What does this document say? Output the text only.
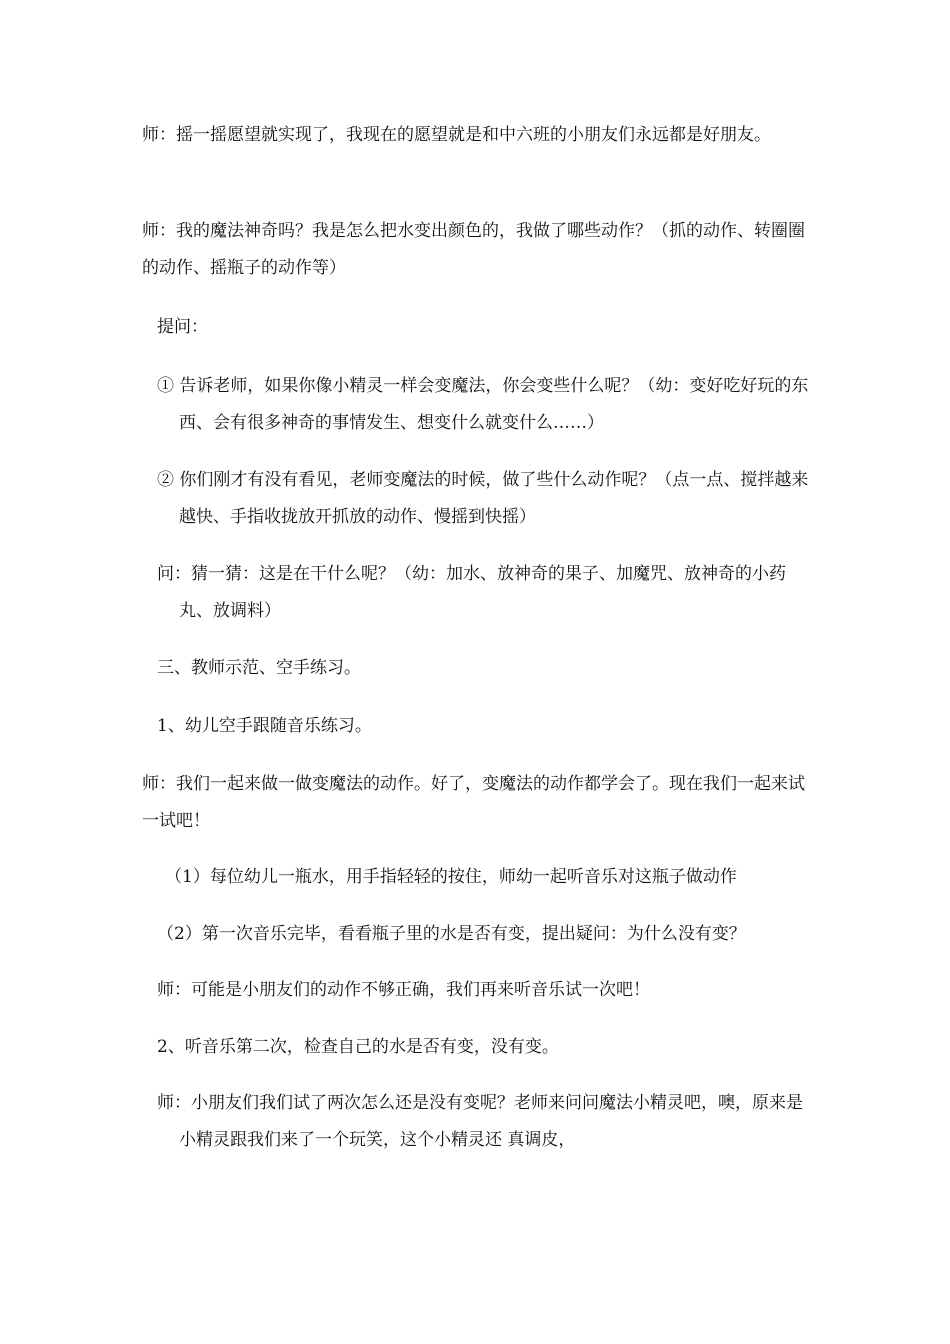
师：摇一摇愿望就实现了，我现在的愿望就是和中六班的小朋友们永远都是好朋友。

师：我的魔法神奇吗？我是怎么把水变出颜色的，我做了哪些动作？（抓的动作、转圈圈的动作、摇瓶子的动作等）

提问：

① 告诉老师，如果你像小精灵一样会变魔法，你会变些什么呢？（幼：变好吃好玩的东西、会有很多神奇的事情发生、想变什么就变什么……）

② 你们刚才有没有看见，老师变魔法的时候，做了些什么动作呢？（点一点、搅拌越来越快、手指收拢放开抓放的动作、慢摇到快摇）

问：猜一猜：这是在干什么呢？（幼：加水、放神奇的果子、加魔咒、放神奇的小药丸、放调料）

三、教师示范、空手练习。

1、幼儿空手跟随音乐练习。

师：我们一起来做一做变魔法的动作。好了，变魔法的动作都学会了。现在我们一起来试一试吧！

（1）每位幼儿一瓶水，用手指轻轻的按住，师幼一起听音乐对这瓶子做动作

（2）第一次音乐完毕，看看瓶子里的水是否有变，提出疑问：为什么没有变？

师：可能是小朋友们的动作不够正确，我们再来听音乐试一次吧！

2、听音乐第二次，检查自己的水是否有变，没有变。

师：小朋友们我们试了两次怎么还是没有变呢？老师来问问魔法小精灵吧，噢，原来是小精灵跟我们来了一个玩笑，这个小精灵还 真调皮，
